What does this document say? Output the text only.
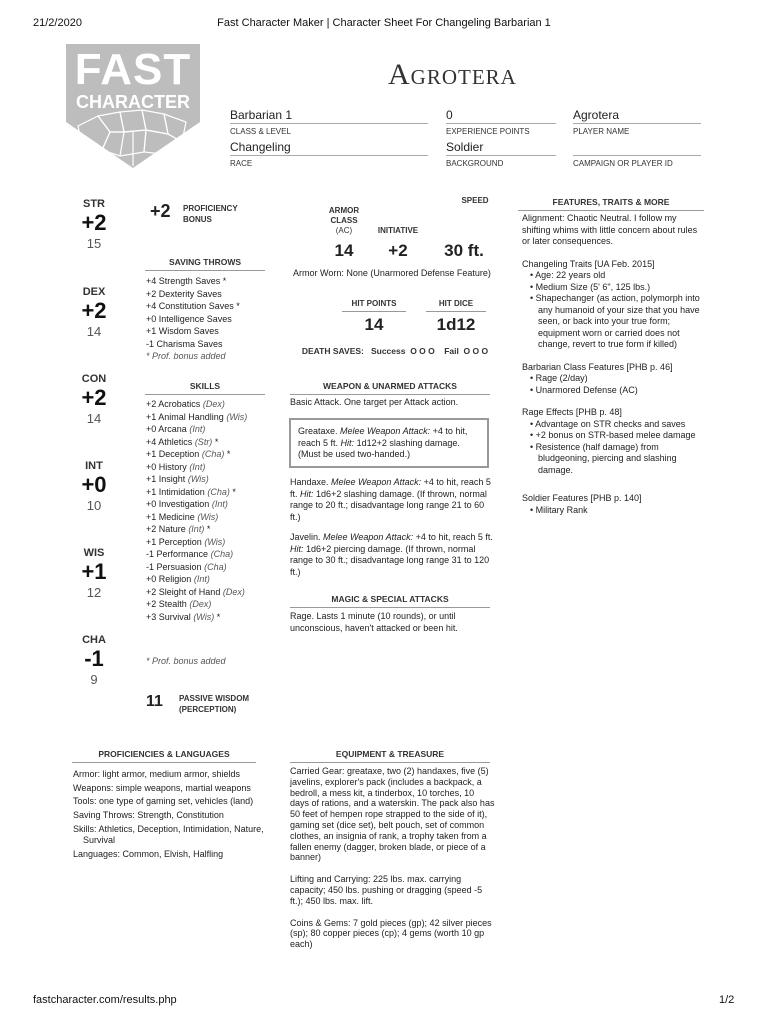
21/2/2020	Fast Character Maker | Character Sheet For Changeling Barbarian 1
FAST
CHARACTER
Agrotera
Barbarian 1
CLASS & LEVEL
0
EXPERIENCE POINTS
Agrotera
PLAYER NAME
Changeling
RACE
Soldier
BACKGROUND	CAMPAIGN OR PLAYER ID
STR
+2
15
DEX
+2
14
CON
+2
14
INT
+0
10
WIS
+1
12
CHA
-1
9
+2 PROFICIENCY
BONUS
SAVING THROWS
+4 Strength Saves *
+2 Dexterity Saves
+4 Constitution Saves *
+0 Intelligence Saves
+1 Wisdom Saves
-1 Charisma Saves
* Prof. bonus added
SKILLS
+2 Acrobatics (Dex)
+1 Animal Handling (Wis)
+0 Arcana (Int)
+4 Athletics (Str) *
+1 Deception (Cha) *
+0 History (Int)
+1 Insight (Wis)
+1 Intimidation (Cha) *
+0 Investigation (Int)
+1 Medicine (Wis)
+2 Nature (Int) *
+1 Perception (Wis)
-1 Performance (Cha)
-1 Persuasion (Cha)
+0 Religion (Int)
+2 Sleight of Hand (Dex)
+2 Stealth (Dex)
+3 Survival (Wis) *
* Prof. bonus added
11 PASSIVE WISDOM
(PERCEPTION)
ARMOR
CLASS
(AC)	INITIATIVE
SPEED
14	+2	30 ft.
Armor Worn: None (Unarmored Defense Feature)
HIT POINTS	HIT DICE
14	1d12
DEATH SAVES:   Success  O O O    Fail  O O O
WEAPON & UNARMED ATTACKS
Basic Attack. One target per Attack action.
Greataxe. Melee Weapon Attack: +4 to hit, reach 5 ft. Hit: 1d12+2 slashing damage. (Must be used two-handed.)
Handaxe. Melee Weapon Attack: +4 to hit, reach 5 ft. Hit: 1d6+2 slashing damage. (If thrown, normal range to 20 ft.; disadvantage long range 21 to 60 ft.)
Javelin. Melee Weapon Attack: +4 to hit, reach 5 ft. Hit: 1d6+2 piercing damage. (If thrown, normal range to 30 ft.; disadvantage long range 31 to 120 ft.)
MAGIC & SPECIAL ATTACKS
Rage. Lasts 1 minute (10 rounds), or until unconscious, haven't attacked or been hit.
FEATURES, TRAITS & MORE
Alignment: Chaotic Neutral. I follow my shifting whims with little concern about rules or later consequences.
Changeling Traits [UA Feb. 2015]
• Age: 22 years old
• Medium Size (5' 6", 125 lbs.)
• Shapechanger (as action, polymorph into any humanoid of your size that you have seen, or back into your true form; equipment worn or carried does not change, revert to true form if killed)
Barbarian Class Features [PHB p. 46]
• Rage (2/day)
• Unarmored Defense (AC)
Rage Effects [PHB p. 48]
• Advantage on STR checks and saves
• +2 bonus on STR-based melee damage
• Resistence (half damage) from bludgeoning, piercing and slashing damage.
Soldier Features [PHB p. 140]
• Military Rank
PROFICIENCIES & LANGUAGES
Armor: light armor, medium armor, shields
Weapons: simple weapons, martial weapons
Tools: one type of gaming set, vehicles (land)
Saving Throws: Strength, Constitution
Skills: Athletics, Deception, Intimidation, Nature, Survival
Languages: Common, Elvish, Halfling
EQUIPMENT & TREASURE
Carried Gear: greataxe, two (2) handaxes, five (5) javelins, explorer's pack (includes a backpack, a bedroll, a mess kit, a tinderbox, 10 torches, 10 days of rations, and a waterskin. The pack also has 50 feet of hempen rope strapped to the side of it), gaming set (dice set), belt pouch, set of common clothes, an insignia of rank, a trophy taken from a fallen enemy (dagger, broken blade, or piece of a banner)
Lifting and Carrying: 225 lbs. max. carrying capacity; 450 lbs. pushing or dragging (speed -5 ft.); 450 lbs. max. lift.
Coins & Gems: 7 gold pieces (gp); 42 silver pieces (sp); 80 copper pieces (cp); 4 gems (worth 10 gp each)
fastcharacter.com/results.php	1/2
